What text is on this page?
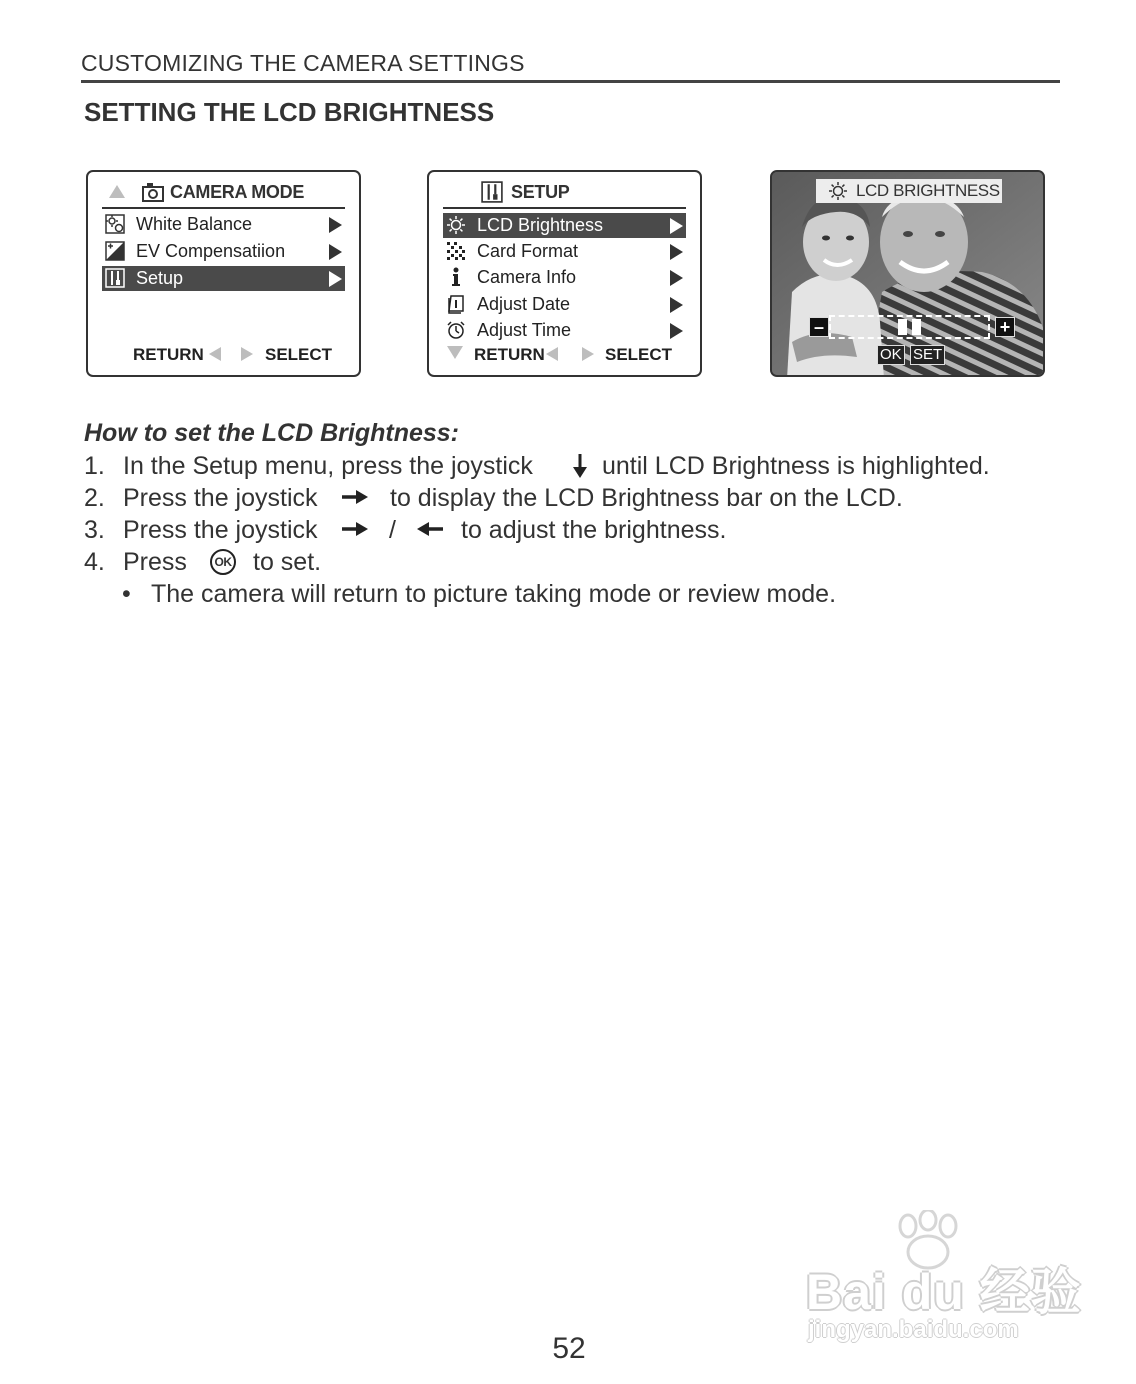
CUSTOMIZING THE CAMERA SETTINGS
SETTING THE LCD BRIGHTNESS
CAMERA MODE
White Balance
EV Compensatiion
Setup
RETURN	SELECT
SETUP
LCD Brightness
Card Format
Camera Info
Adjust Date
Adjust Time
RETURN	SELECT
LCD BRIGHTNESS
–	+
OK SET
How to set the LCD Brightness:
1. In the Setup menu, press the joystick	until LCD Brightness is highlighted.
2. Press the joystick	to display the LCD Brightness bar on the LCD.
3. Press the joystick	/	to adjust the brightness.
4. Press	OK to set.
• The camera will return to picture taking mode or review mode.
52
Bai du 经验
jingyan.baidu.com
